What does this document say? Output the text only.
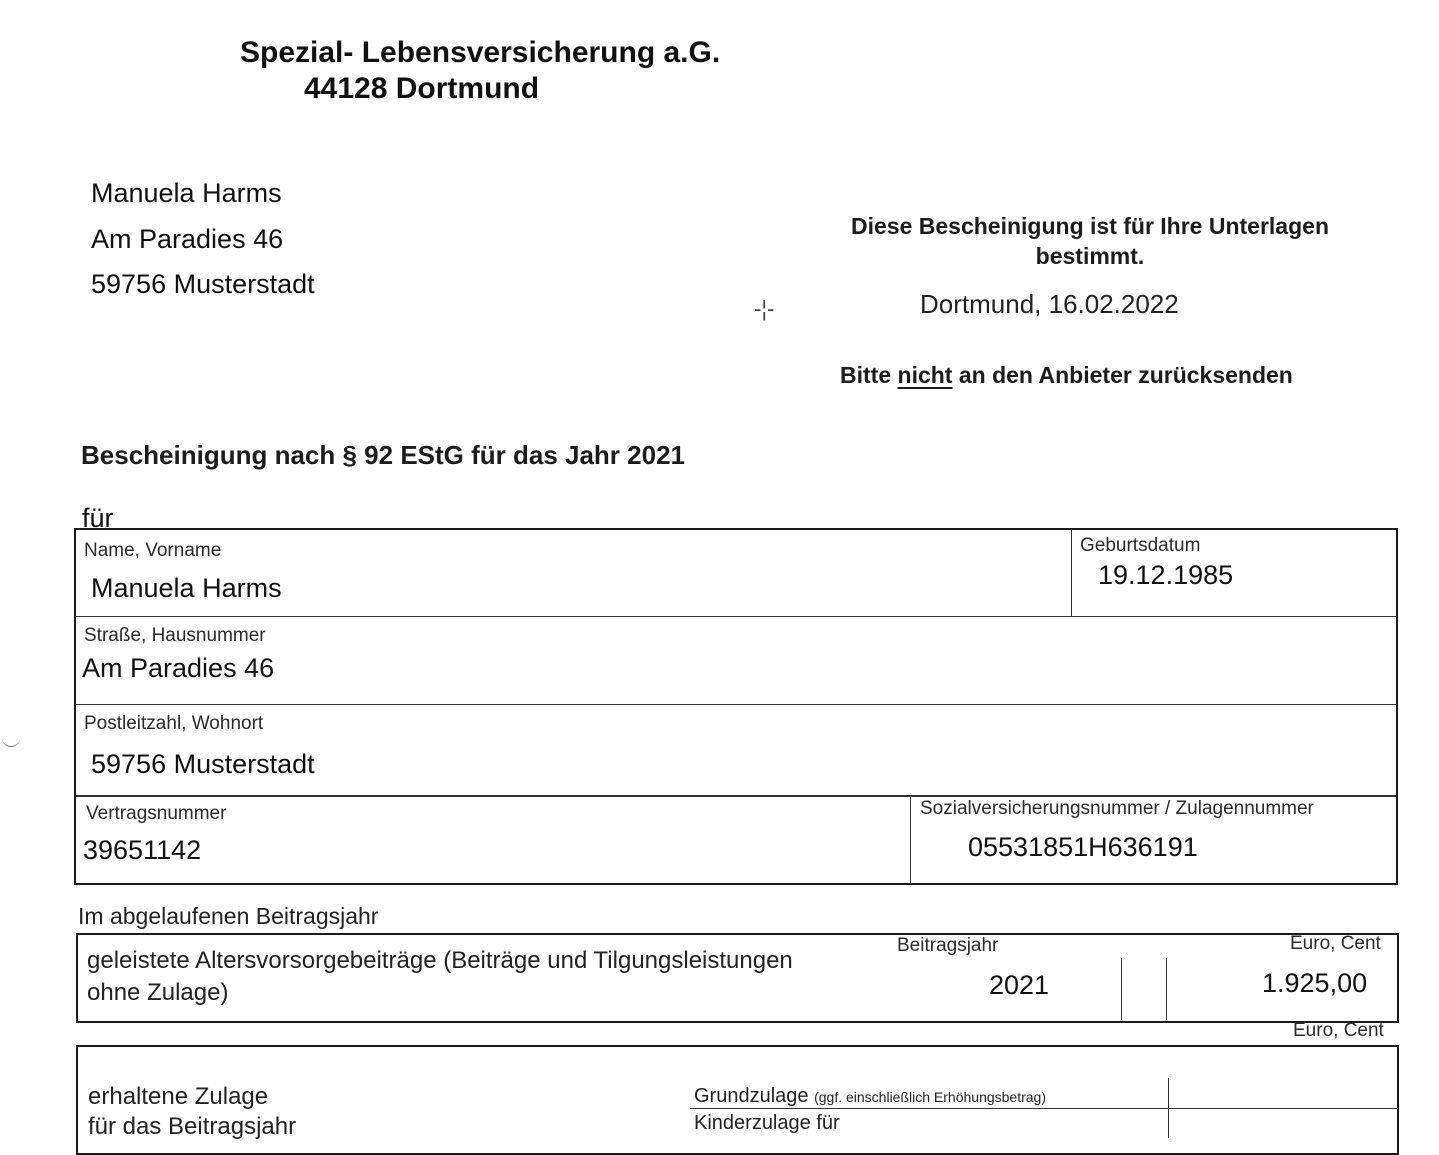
Spezial- Lebensversicherung a.G.
44128 Dortmund
Manuela Harms
Am Paradies 46
59756 Musterstadt
-¦-
Diese Bescheinigung ist für Ihre Unterlagen
bestimmt.
Dortmund, 16.02.2022
Bitte nicht an den Anbieter zurücksenden
Bescheinigung nach § 92 EStG für das Jahr 2021
für
Name, Vorname
Manuela Harms
Geburtsdatum
19.12.1985
Straße, Hausnummer
Am Paradies 46
Postleitzahl, Wohnort
59756 Musterstadt
Vertragsnummer
39651142
Sozialversicherungsnummer / Zulagennummer
05531851H636191
Im abgelaufenen Beitragsjahr
geleistete Altersvorsorgebeiträge (Beiträge und Tilgungsleistungen
ohne Zulage)
Beitragsjahr
2021
Euro, Cent
1.925,00
Euro, Cent
erhaltene Zulage
für das Beitragsjahr
Grundzulage (ggf. einschließlich Erhöhungsbetrag)
Kinderzulage für
